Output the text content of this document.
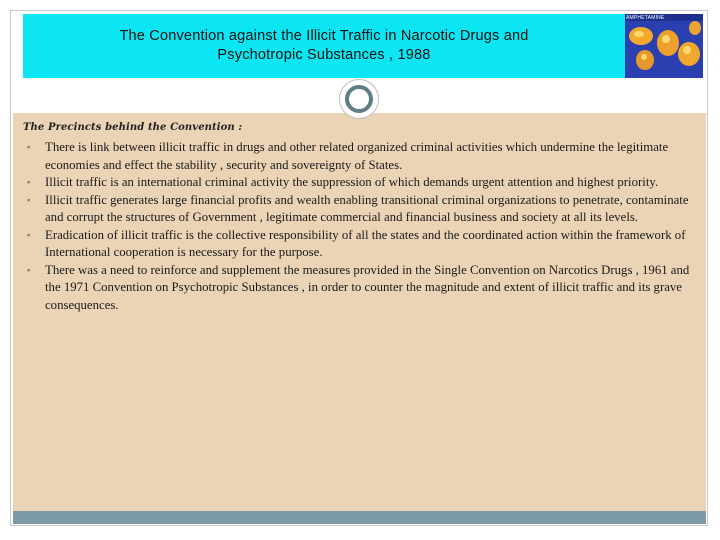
The Convention against the Illicit Traffic in Narcotic Drugs and
Psychotropic Substances , 1988
AMPHETAMINE
The Precincts behind the Convention :
▪	There is link between illicit traffic in drugs and other related organized criminal activities which undermine the legitimate economies and effect the stability , security and sovereignty of States.
▪	Illicit traffic is an international criminal activity the suppression of which demands urgent attention and highest priority.
▪	Illicit traffic generates large financial profits and wealth enabling transitional criminal organizations to penetrate, contaminate and corrupt the structures of Government , legitimate commercial and financial business and society at all its levels.
▪	Eradication of illicit traffic is the collective responsibility of all the states and the coordinated action within the framework of International cooperation is necessary for the purpose.
▪	There was a need to reinforce and supplement the measures provided in the Single Convention on Narcotics Drugs , 1961 and the 1971 Convention on Psychotropic Substances , in order to counter the magnitude and extent of illicit traffic and its grave consequences.
